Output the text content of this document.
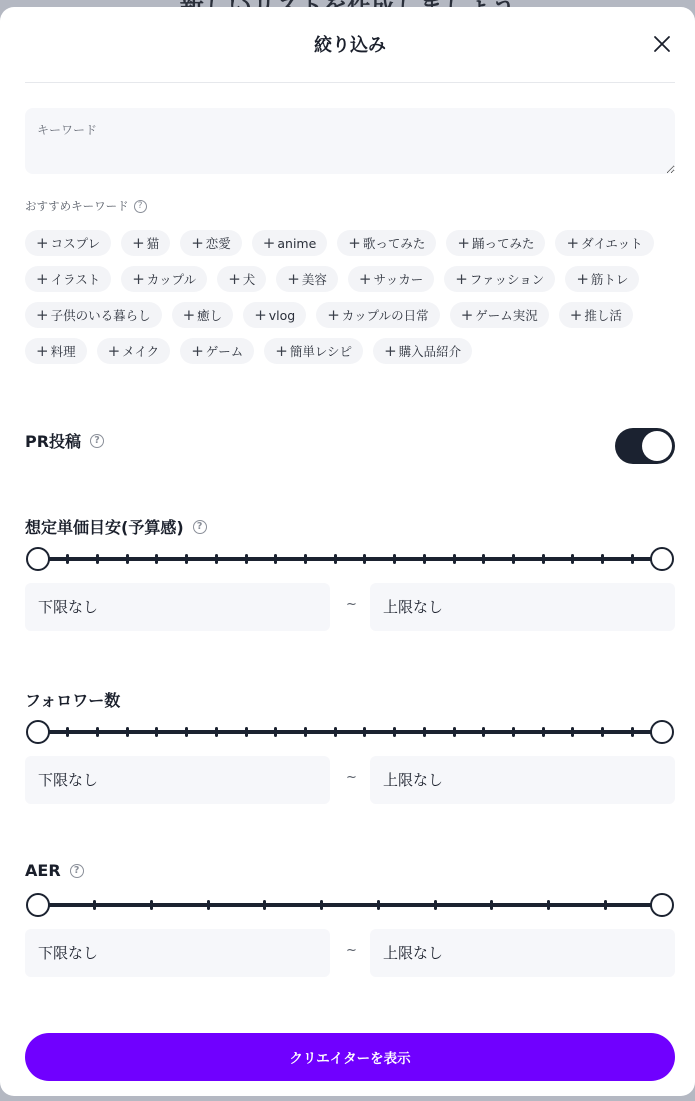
絞り込み
キーワード
おすすめキーワード	?
+ コスプレ + 猫 + 恋愛 + anime + 歌ってみた + 踊ってみた + ダイエット
+ イラスト + カップル + 犬 + 美容 + サッカー + ファッション + 筋トレ
+ 子供のいる暮らし + 癒し + vlog + カップルの日常 + ゲーム実況 + 推し活
+ 料理 + メイク + ゲーム + 簡単レシピ + 購入品紹介
PR投稿	?
想定単価目安(予算感)	?
下限なし
~
上限なし
フォロワー数
下限なし
~
上限なし
AER	?
下限なし
~
上限なし
クリエイターを表示
